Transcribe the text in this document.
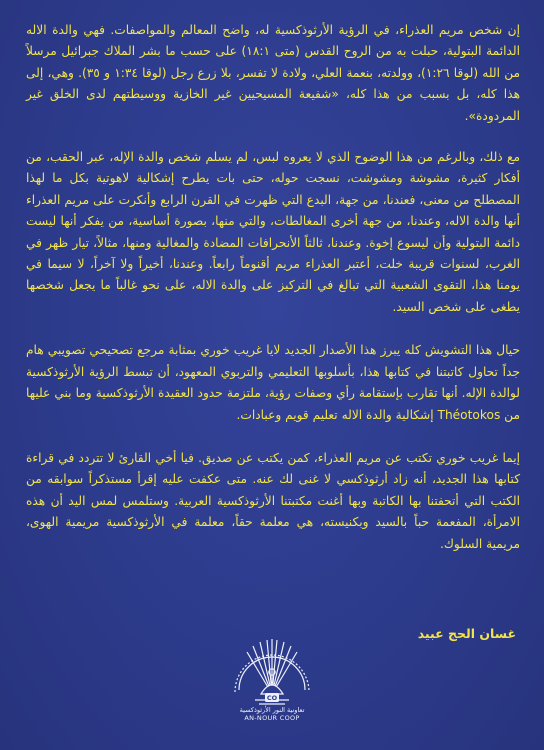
إن شخص مريم العذراء، في الرؤية الأرثوذكسية له، واضح المعالم والمواصفات. فهي والدة الاله الدائمة البتولية، حبلت به من الروح القدس (متى ١٨:١) على حسب ما بشر الملاك جبرائيل مرسلاً من الله (لوقا ١:٢٦)، وولدته، بنعمة العلي، ولادة لا تفسر، بلا زرع رجل (لوقا ١:٣٤ و ٣٥). وهي، إلى هذا كله، بل بسبب من هذا كله، «شفيعة المسيحيين غير الخازية ووسيطتهم لدى الخلق غير المردودة».

مع ذلك، وبالرغم من هذا الوضوح الذي لا يعروه لبس، لم يسلم شخص والدة الإله، عبر الحقب، من أفكار كثيرة، مشوشة ومشوشت، نسجت حوله، حتى بات يطرح إشكالية لاهوتية بكل ما لهذا المصطلح من معنى، فعندنا، من جهة، البدع التي ظهرت في القرن الرابع وأنكرت على مريم العذراء أنها والدة الاله، وعندنا، من جهة أخرى المغالطات، والتي منها، بصورة أساسية، من يفكر أنها ليست دائمة البتولية وأن ليسوع إخوة. وعندنا، ثالثاً الأنحرافات المضادة والمغالية ومنها، مثالاً، تيار ظهر في الغرب، لسنوات قريبة خلت، أعتبر العذراء مريم أقنوماً رابعاً. وعندنا، أخيراً ولا آخراً، لا سيما في يومنا هذا، التقوى الشعبية التي تبالغ في التركيز على والدة الاله، على نحو غالباً ما يجعل شخصها يطغى على شخص السيد.

حيال هذا التشويش كله يبرز هذا الأصدار الجديد لايا غريب خوري بمثابة مرجع تصحيحي تصويبي هام جداً تحاول كاتبتنا في كتابها هذا، بأسلوبها التعليمي والتربوي المعهود، أن تبسط الرؤية الأرثوذكسية لوالدة الإله. أنها تقارب بإستقامة رأي وصفات رؤية، ملتزمة حدود العقيدة الأرثوذكسية وما بني عليها من Théotokos إشكالية والدة الاله تعليم قويم وعبادات.

إيما غريب خوري تكتب عن مريم العذراء، كمن يكتب عن صديق. فيا أخي القارئ لا تتردد في قراءة كتابها هذا الجديد، أنه زاد أرثوذكسي لا غنى لك عنه. متى عكفت عليه إقرأ مستذكراً سوابقه من الكتب التي أتحفتنا بها الكاتبة وبها أغنت مكتبتنا الأرثوذكسية العربية. وستلمس لمس اليد أن هذه الامرأة، المفعمة حباً بالسيد وبكنيسته، هي معلمة حقاً، معلمة في الأرثوذكسية مريمية الهوى، مريمية السلوك.

غسان الحج عبيد
CO
تعاونية النور الأرثوذكسية
AN-NOUR COOP
